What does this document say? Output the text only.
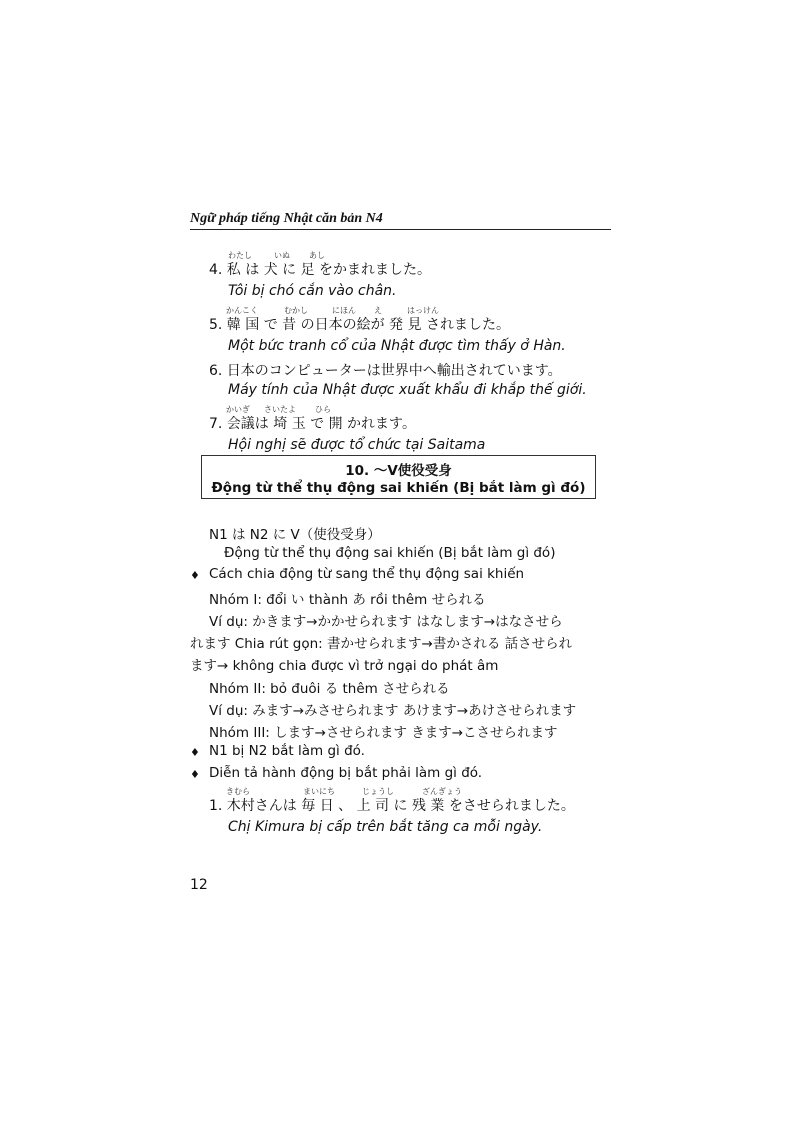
Ngữ pháp tiếng Nhật căn bản N4
わたし	いぬ あし
4. 私 は 犬 に 足 をかまれました。
Tôi bị chó cắn vào chân.
かんこく	むかし	にほん え	はっけん
5. 韓 国 で 昔 の日本の絵が 発 見 されました。
Một bức tranh cổ của Nhật được tìm thấy ở Hàn.
6. 日本のコンピューターは世界中へ輸出されています。
Máy tính của Nhật được xuất khẩu đi khắp thế giới.
かいぎ さいたよ ひら
7. 会議は 埼 玉 で 開 かれます。
Hội nghị sẽ được tổ chức tại Saitama
10. ～V使役受身
Động từ thể thụ động sai khiến (Bị bắt làm gì đó)
N1 は N2 に V（使役受身）
Động từ thể thụ động sai khiến (Bị bắt làm gì đó)
♦ Cách chia động từ sang thể thụ động sai khiến
Nhóm I: đổi い thành あ rồi thêm せられる
Ví dụ: かきます→かかせられます はなします→はなさせら
れます Chia rút gọn: 書かせられます→書かされる 話させられ
ます→ không chia được vì trở ngại do phát âm
Nhóm II: bỏ đuôi る thêm させられる
Ví dụ: みます→みさせられます あけます→あけさせられます
Nhóm III: します→させられます きます→こさせられます
♦ N1 bị N2 bắt làm gì đó.
♦ Diễn tả hành động bị bắt phải làm gì đó.
きむら	まいにち	じょうし	ざんぎょう
1. 木村さんは 毎 日 、 上 司 に 残 業 をさせられました。
Chị Kimura bị cấp trên bắt tăng ca mỗi ngày.
12
